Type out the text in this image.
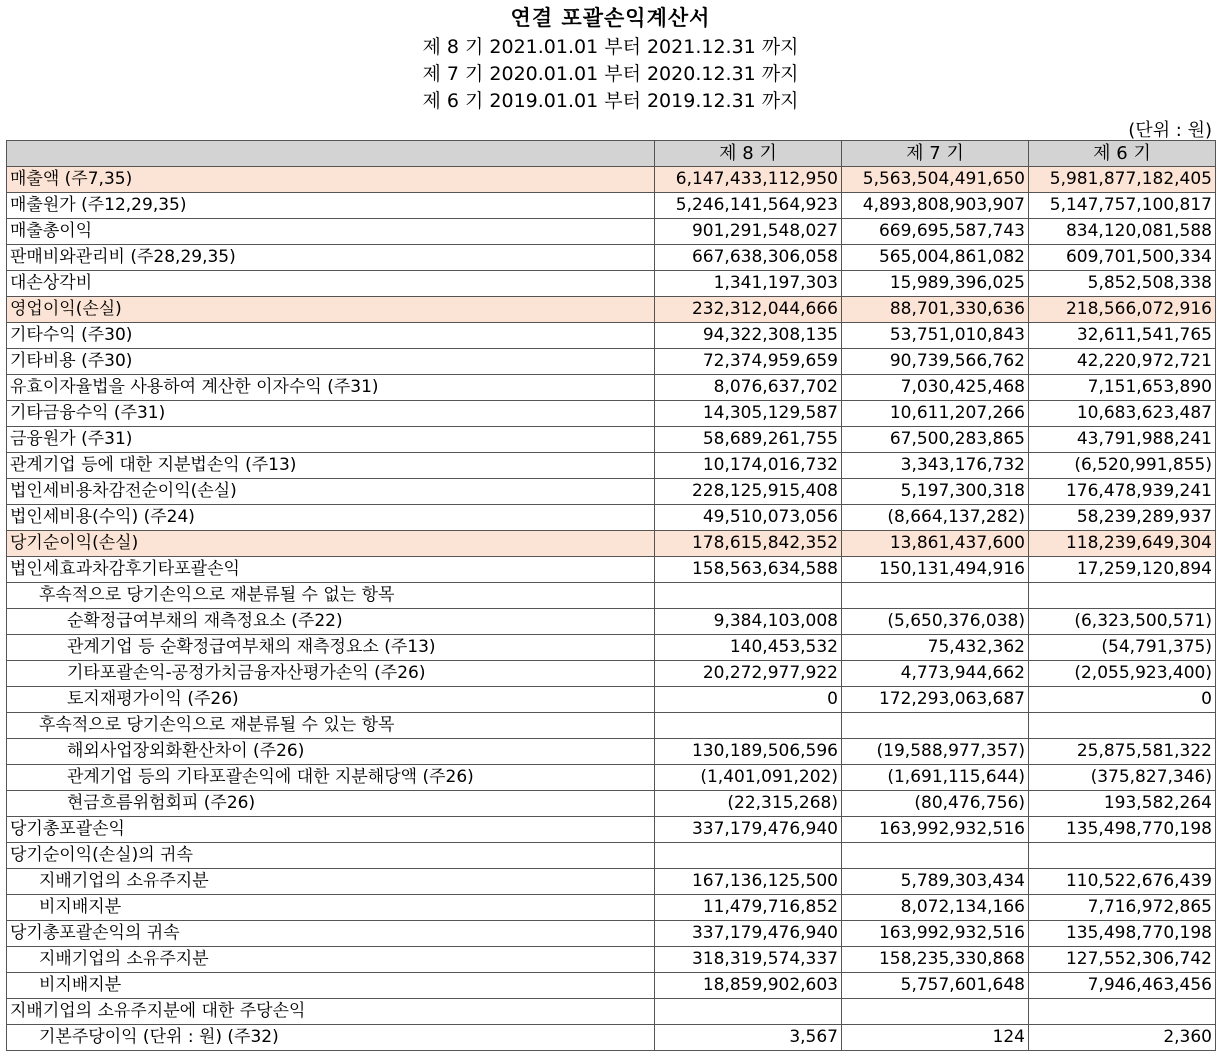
연결 포괄손익계산서
제 8 기 2021.01.01 부터 2021.12.31 까지
제 7 기 2020.01.01 부터 2020.12.31 까지
제 6 기 2019.01.01 부터 2019.12.31 까지
(단위 : 원)
	제 8 기	제 7 기	제 6 기
매출액 (주7,35)	6,147,433,112,950	5,563,504,491,650	5,981,877,182,405
매출원가 (주12,29,35)	5,246,141,564,923	4,893,808,903,907	5,147,757,100,817
매출총이익	901,291,548,027	669,695,587,743	834,120,081,588
판매비와관리비 (주28,29,35)	667,638,306,058	565,004,861,082	609,701,500,334
대손상각비	1,341,197,303	15,989,396,025	5,852,508,338
영업이익(손실)	232,312,044,666	88,701,330,636	218,566,072,916
기타수익 (주30)	94,322,308,135	53,751,010,843	32,611,541,765
기타비용 (주30)	72,374,959,659	90,739,566,762	42,220,972,721
유효이자율법을 사용하여 계산한 이자수익 (주31)	8,076,637,702	7,030,425,468	7,151,653,890
기타금융수익 (주31)	14,305,129,587	10,611,207,266	10,683,623,487
금융원가 (주31)	58,689,261,755	67,500,283,865	43,791,988,241
관계기업 등에 대한 지분법손익 (주13)	10,174,016,732	3,343,176,732	(6,520,991,855)
법인세비용차감전순이익(손실)	228,125,915,408	5,197,300,318	176,478,939,241
법인세비용(수익) (주24)	49,510,073,056	(8,664,137,282)	58,239,289,937
당기순이익(손실)	178,615,842,352	13,861,437,600	118,239,649,304
법인세효과차감후기타포괄손익	158,563,634,588	150,131,494,916	17,259,120,894
후속적으로 당기손익으로 재분류될 수 없는 항목			
순확정급여부채의 재측정요소 (주22)	9,384,103,008	(5,650,376,038)	(6,323,500,571)
관계기업 등 순확정급여부채의 재측정요소 (주13)	140,453,532	75,432,362	(54,791,375)
기타포괄손익-공정가치금융자산평가손익 (주26)	20,272,977,922	4,773,944,662	(2,055,923,400)
토지재평가이익 (주26)	0	172,293,063,687	0
후속적으로 당기손익으로 재분류될 수 있는 항목			
해외사업장외화환산차이 (주26)	130,189,506,596	(19,588,977,357)	25,875,581,322
관계기업 등의 기타포괄손익에 대한 지분해당액 (주26)	(1,401,091,202)	(1,691,115,644)	(375,827,346)
현금흐름위험회피 (주26)	(22,315,268)	(80,476,756)	193,582,264
당기총포괄손익	337,179,476,940	163,992,932,516	135,498,770,198
당기순이익(손실)의 귀속			
지배기업의 소유주지분	167,136,125,500	5,789,303,434	110,522,676,439
비지배지분	11,479,716,852	8,072,134,166	7,716,972,865
당기총포괄손익의 귀속	337,179,476,940	163,992,932,516	135,498,770,198
지배기업의 소유주지분	318,319,574,337	158,235,330,868	127,552,306,742
비지배지분	18,859,902,603	5,757,601,648	7,946,463,456
지배기업의 소유주지분에 대한 주당손익			
기본주당이익 (단위 : 원) (주32)	3,567	124	2,360
